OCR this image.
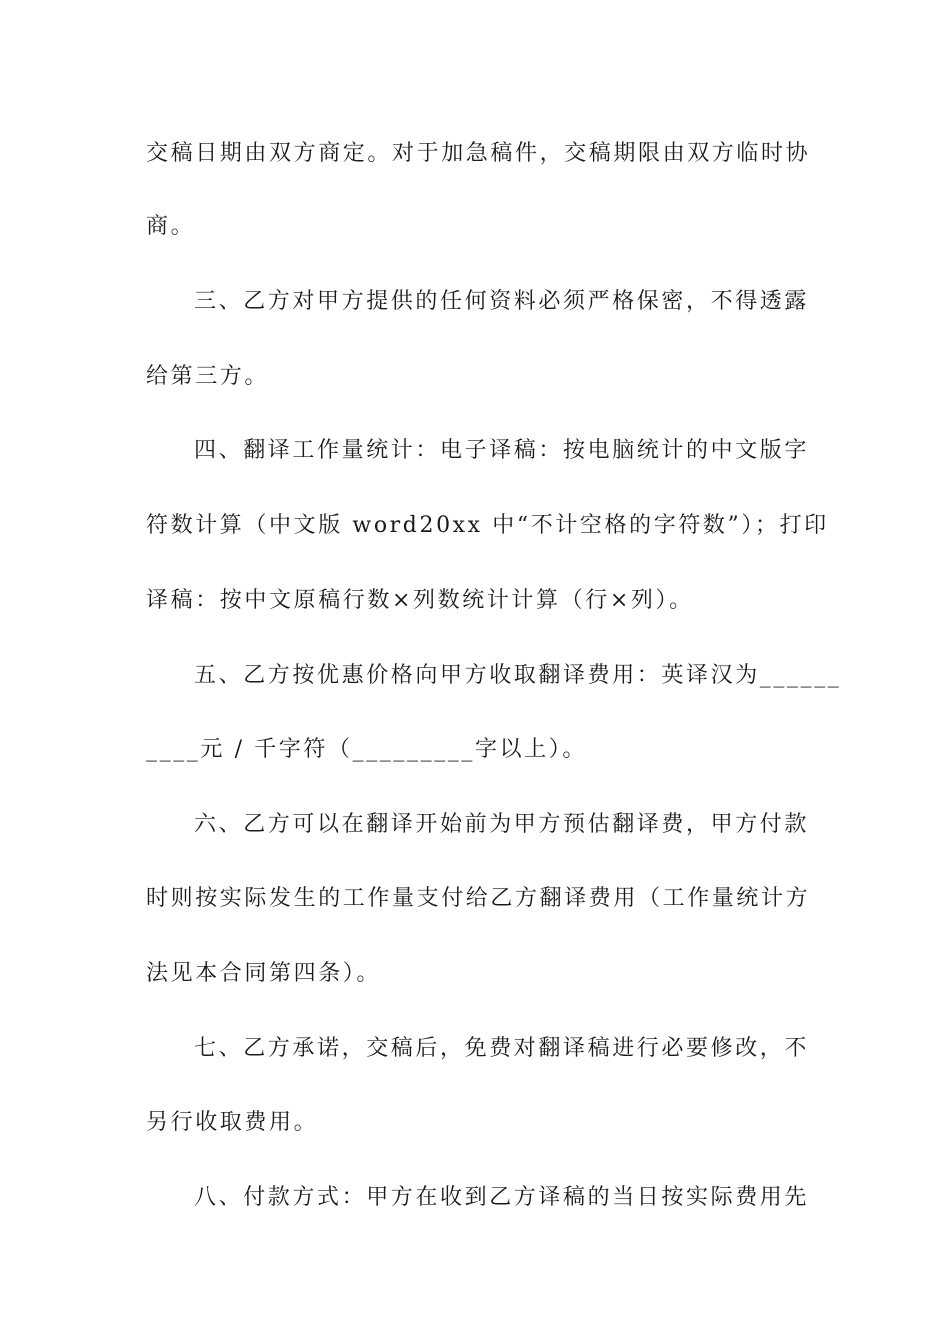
交稿日期由双方商定。对于加急稿件，交稿期限由双方临时协
商。
三、乙方对甲方提供的任何资料必须严格保密，不得透露
给第三方。
四、翻译工作量统计：电子译稿：按电脑统计的中文版字
符数计算（中文版 word20xx 中“不计空格的字符数”）；打印
译稿：按中文原稿行数×列数统计计算（行×列）。
五、乙方按优惠价格向甲方收取翻译费用：英译汉为______
____元 / 千字符（_________字以上）。
六、乙方可以在翻译开始前为甲方预估翻译费，甲方付款
时则按实际发生的工作量支付给乙方翻译费用（工作量统计方
法见本合同第四条）。
七、乙方承诺，交稿后，免费对翻译稿进行必要修改，不
另行收取费用。
八、付款方式：甲方在收到乙方译稿的当日按实际费用先
